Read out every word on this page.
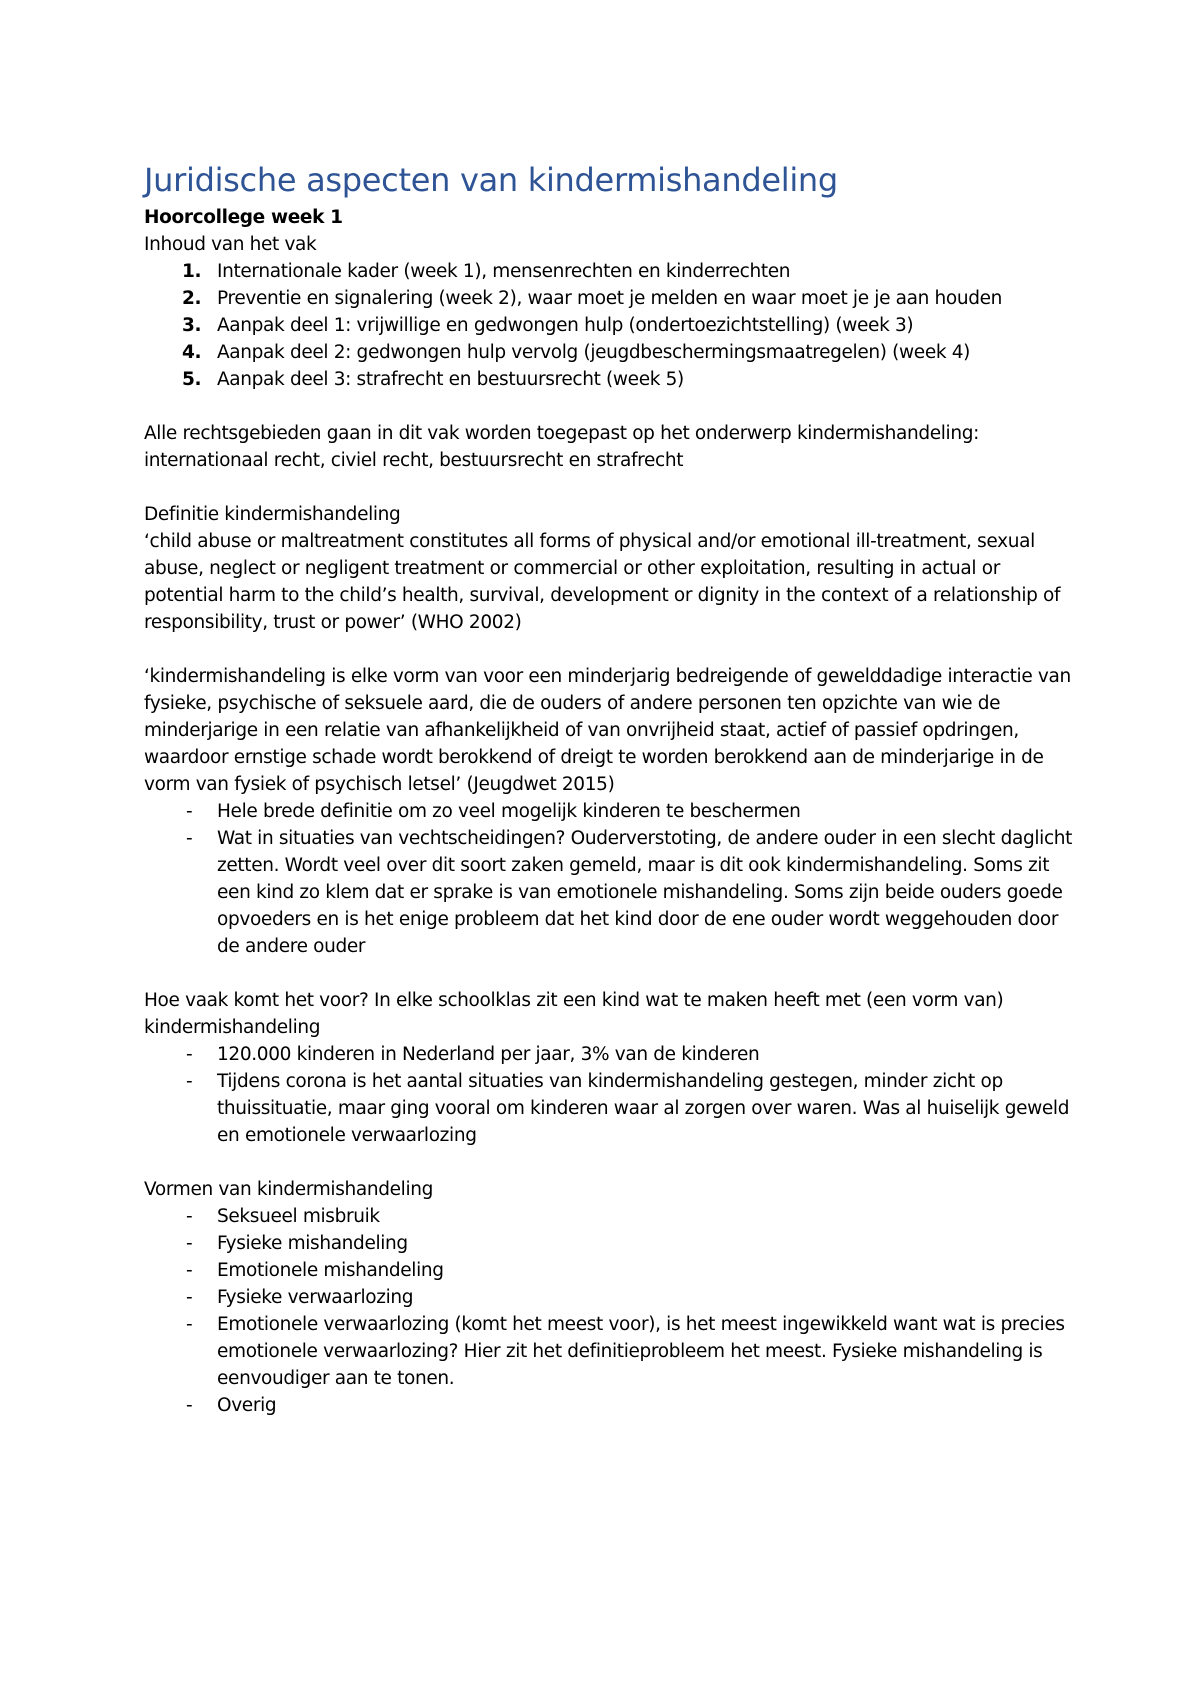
Juridische aspecten van kindermishandeling

Hoorcollege week 1

Inhoud van het vak

1. Internationale kader (week 1), mensenrechten en kinderrechten
2. Preventie en signalering (week 2), waar moet je melden en waar moet je je aan houden
3. Aanpak deel 1: vrijwillige en gedwongen hulp (ondertoezichtstelling) (week 3)
4. Aanpak deel 2: gedwongen hulp vervolg (jeugdbeschermingsmaatregelen) (week 4)
5. Aanpak deel 3: strafrecht en bestuursrecht (week 5)

Alle rechtsgebieden gaan in dit vak worden toegepast op het onderwerp kindermishandeling: internationaal recht, civiel recht, bestuursrecht en strafrecht

Definitie kindermishandeling

‘child abuse or maltreatment constitutes all forms of physical and/or emotional ill-treatment, sexual abuse, neglect or negligent treatment or commercial or other exploitation, resulting in actual or potential harm to the child’s health, survival, development or dignity in the context of a relationship of responsibility, trust or power’ (WHO 2002)

‘kindermishandeling is elke vorm van voor een minderjarig bedreigende of gewelddadige interactie van fysieke, psychische of seksuele aard, die de ouders of andere personen ten opzichte van wie de minderjarige in een relatie van afhankelijkheid of van onvrijheid staat, actief of passief opdringen, waardoor ernstige schade wordt berokkend of dreigt te worden berokkend aan de minderjarige in de vorm van fysiek of psychisch letsel’ (Jeugdwet 2015)

- Hele brede definitie om zo veel mogelijk kinderen te beschermen
- Wat in situaties van vechtscheidingen? Ouderverstoting, de andere ouder in een slecht daglicht zetten. Wordt veel over dit soort zaken gemeld, maar is dit ook kindermishandeling. Soms zit een kind zo klem dat er sprake is van emotionele mishandeling. Soms zijn beide ouders goede opvoeders en is het enige probleem dat het kind door de ene ouder wordt weggehouden door de andere ouder

Hoe vaak komt het voor? In elke schoolklas zit een kind wat te maken heeft met (een vorm van) kindermishandeling

- 120.000 kinderen in Nederland per jaar, 3% van de kinderen
- Tijdens corona is het aantal situaties van kindermishandeling gestegen, minder zicht op thuissituatie, maar ging vooral om kinderen waar al zorgen over waren. Was al huiselijk geweld en emotionele verwaarlozing

Vormen van kindermishandeling

- Seksueel misbruik
- Fysieke mishandeling
- Emotionele mishandeling
- Fysieke verwaarlozing
- Emotionele verwaarlozing (komt het meest voor), is het meest ingewikkeld want wat is precies emotionele verwaarlozing? Hier zit het definitieprobleem het meest. Fysieke mishandeling is eenvoudiger aan te tonen.
- Overig
